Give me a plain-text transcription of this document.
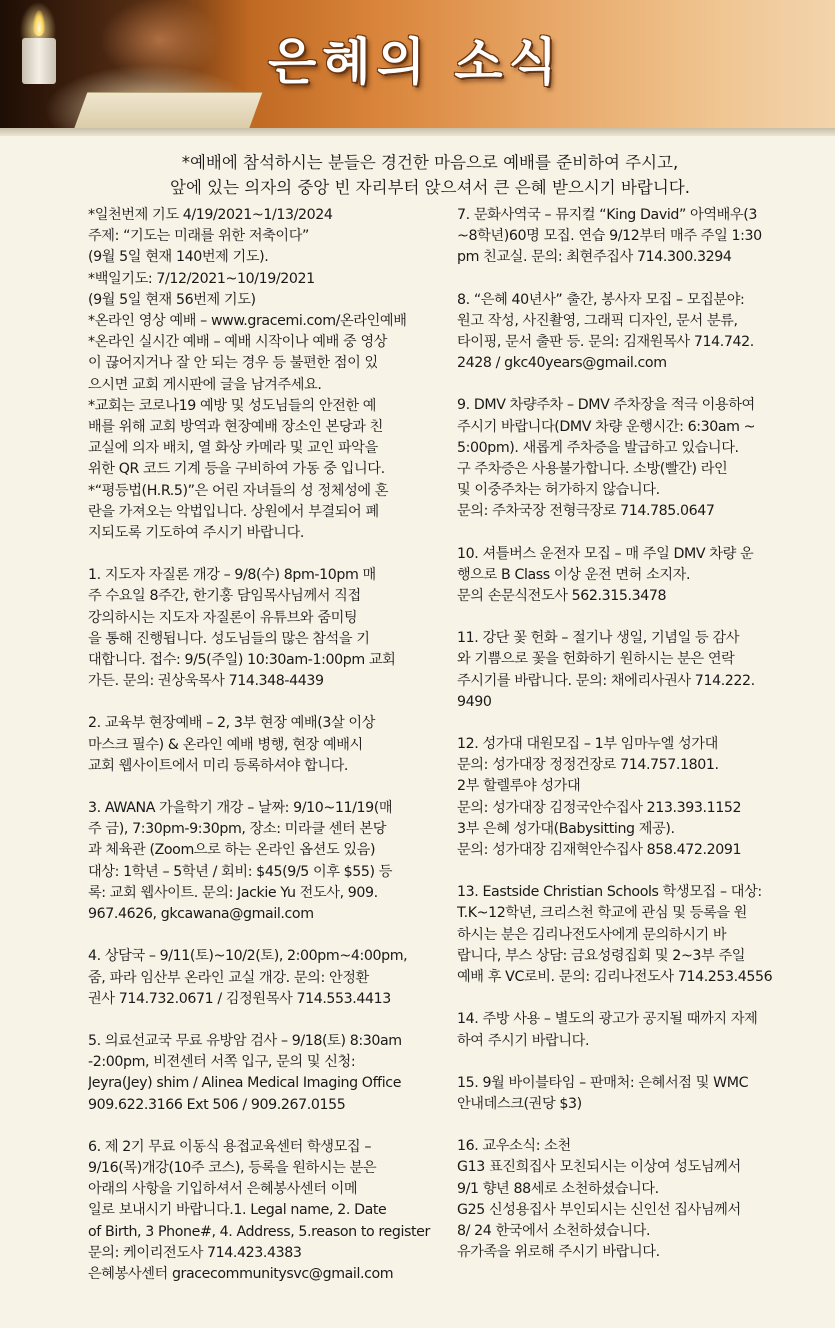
은혜의 소식
*예배에 참석하시는 분들은 경건한 마음으로 예배를 준비하여 주시고,
앞에 있는 의자의 중앙 빈 자리부터 앉으셔서 큰 은혜 받으시기 바랍니다.
*일천번제 기도 4/19/2021~1/13/2024
주제: “기도는 미래를 위한 저축이다”
(9월 5일 현재 140번제 기도).
*백일기도: 7/12/2021~10/19/2021
(9월 5일 현재 56번제 기도)
*온라인 영상 예배 – www.gracemi.com/온라인예배
*온라인 실시간 예배 – 예배 시작이나 예배 중 영상
이 끊어지거나 잘 안 되는 경우 등 불편한 점이 있
으시면 교회 게시판에 글을 남겨주세요.
*교회는 코로나19 예방 및 성도님들의 안전한 예
배를 위해 교회 방역과 현장예배 장소인 본당과 친
교실에 의자 배치, 열 화상 카메라 및 교인 파악을
위한 QR 코드 기계 등을 구비하여 가동 중 입니다.
*“평등법(H.R.5)”은 어린 자녀들의 성 정체성에 혼
란을 가져오는 악법입니다. 상원에서 부결되어 폐
지되도록 기도하여 주시기 바랍니다.
1. 지도자 자질론 개강 – 9/8(수) 8pm-10pm 매
주 수요일 8주간, 한기홍 담임목사님께서 직접
강의하시는 지도자 자질론이 유튜브와 줌미팅
을 통해 진행됩니다. 성도님들의 많은 참석을 기
대합니다. 접수: 9/5(주일) 10:30am-1:00pm 교회
가든. 문의: 권상욱목사 714.348-4439
2. 교육부 현장예배 – 2, 3부 현장 예배(3살 이상
마스크 필수) & 온라인 예배 병행, 현장 예배시
교회 웹사이트에서 미리 등록하셔야 합니다.
3. AWANA 가을학기 개강 – 날짜: 9/10~11/19(매
주 금), 7:30pm-9:30pm, 장소: 미라클 센터 본당
과 체육관 (Zoom으로 하는 온라인 옵션도 있음)
대상: 1학년 – 5학년 / 회비: $45(9/5 이후 $55) 등
록: 교회 웹사이트. 문의: Jackie Yu 전도사, 909.
967.4626, gkcawana@gmail.com
4. 상담국 – 9/11(토)~10/2(토), 2:00pm~4:00pm,
줌, 파라 임산부 온라인 교실 개강. 문의: 안정환
권사 714.732.0671 / 김정원목사 714.553.4413
5. 의료선교국 무료 유방암 검사 – 9/18(토) 8:30am
-2:00pm, 비젼센터 서쪽 입구, 문의 및 신청:
Jeyra(Jey) shim / Alinea Medical Imaging Office
909.622.3166 Ext 506 / 909.267.0155
6. 제 2기 무료 이동식 용접교육센터 학생모집 –
9/16(목)개강(10주 코스), 등록을 원하시는 분은
아래의 사항을 기입하셔서 은혜봉사센터 이메
일로 보내시기 바랍니다.1. Legal name, 2. Date
of Birth, 3 Phone#, 4. Address, 5.reason to register
문의: 케이리전도사 714.423.4383
은혜봉사센터 gracecommunitysvc@gmail.com
7. 문화사역국 – 뮤지컬 “King David” 아역배우(3
~8학년)60명 모집. 연습 9/12부터 매주 주일 1:30
pm 친교실. 문의: 최현주집사 714.300.3294
8. “은혜 40년사” 출간, 봉사자 모집 – 모집분야:
원고 작성, 사진촬영, 그래픽 디자인, 문서 분류,
타이핑, 문서 출판 등. 문의: 김재원목사 714.742.
2428 / gkc40years@gmail.com
9. DMV 차량주차 – DMV 주차장을 적극 이용하여
주시기 바랍니다(DMV 차량 운행시간: 6:30am ~
5:00pm). 새롭게 주차증을 발급하고 있습니다.
구 주차증은 사용불가합니다. 소방(빨간) 라인
및 이중주차는 허가하지 않습니다.
문의: 주차국장 전형극장로 714.785.0647
10. 셔틀버스 운전자 모집 – 매 주일 DMV 차량 운
행으로 B Class 이상 운전 면허 소지자.
문의 손문식전도사 562.315.3478
11. 강단 꽃 헌화 – 절기나 생일, 기념일 등 감사
와 기쁨으로 꽃을 헌화하기 원하시는 분은 연락
주시기를 바랍니다. 문의: 채에리사권사 714.222.
9490
12. 성가대 대원모집 – 1부 임마누엘 성가대
문의: 성가대장 정정건장로 714.757.1801.
2부 할렐루야 성가대
문의: 성가대장 김정국안수집사 213.393.1152
3부 은혜 성가대(Babysitting 제공).
문의: 성가대장 김재혁안수집사 858.472.2091
13. Eastside Christian Schools 학생모집 – 대상:
T.K~12학년, 크리스천 학교에 관심 및 등록을 원
하시는 분은 김리나전도사에게 문의하시기 바
랍니다, 부스 상담: 금요성령집회 및 2~3부 주일
예배 후 VC로비. 문의: 김리나전도사 714.253.4556
14. 주방 사용 – 별도의 광고가 공지될 때까지 자제
하여 주시기 바랍니다.
15. 9월 바이블타임 – 판매처: 은혜서점 및 WMC
안내데스크(권당 $3)
16. 교우소식: 소천
G13 표진희집사 모친되시는 이상여 성도님께서
9/1 향년 88세로 소천하셨습니다.
G25 신성용집사 부인되시는 신인선 집사님께서
8/ 24 한국에서 소천하셨습니다.
유가족을 위로해 주시기 바랍니다.
